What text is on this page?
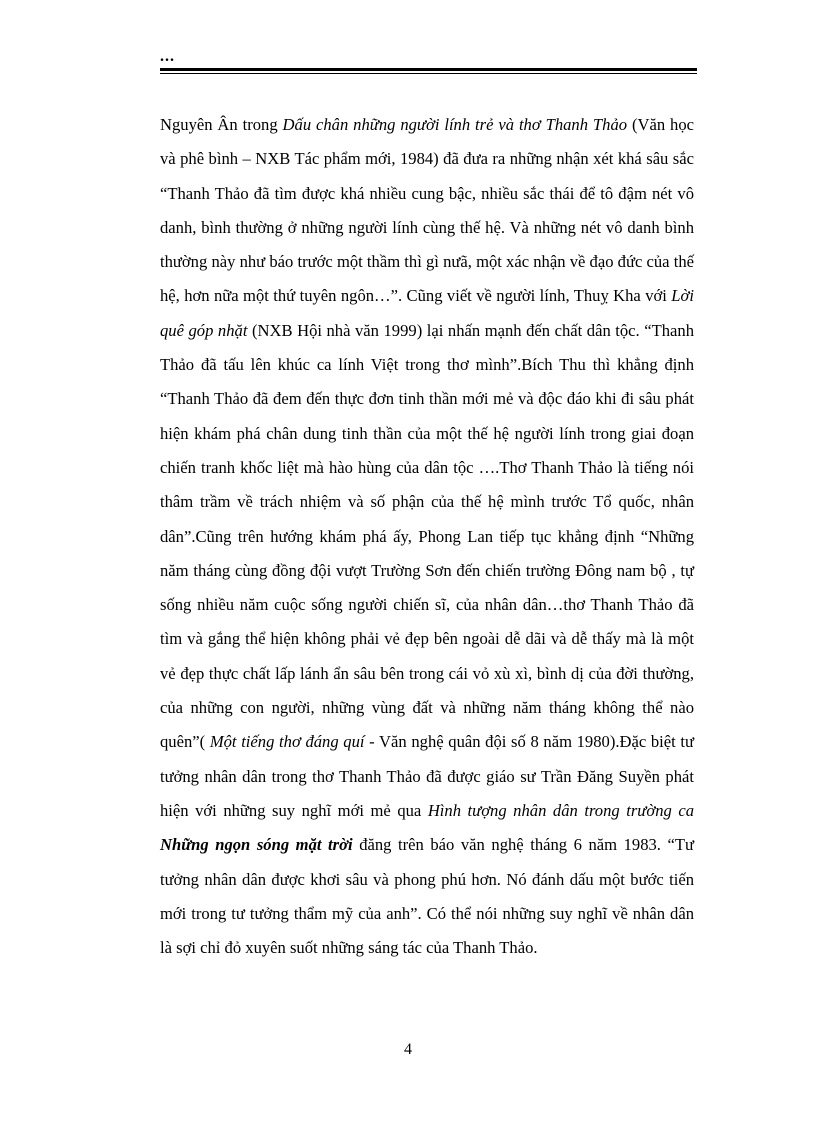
...

Nguyên Ân trong Dấu chân những người lính trẻ và thơ Thanh Thảo (Văn học và phê bình – NXB Tác phẩm mới, 1984) đã đưa ra những nhận xét khá sâu sắc “Thanh Thảo đã tìm được khá nhiều cung bậc, nhiều sắc thái để tô đậm nét vô danh, bình thường ở những người lính cùng thế hệ. Và những nét vô danh bình thường này như báo trước một thầm thì gì nưã, một xác nhận về đạo đức của thế hệ, hơn nữa một thứ tuyên ngôn…”. Cũng viết về người lính, Thuỵ Kha với Lời quê góp nhặt (NXB Hội nhà văn 1999) lại nhấn mạnh đến chất dân tộc. “Thanh Thảo đã tấu lên khúc ca lính Việt trong thơ mình”.Bích Thu thì khẳng định “Thanh Thảo đã đem đến thực đơn tinh thần mới mẻ và độc đáo khi đi sâu phát hiện khám phá chân dung tinh thần của một thế hệ người lính trong giai đoạn chiến tranh khốc liệt mà hào hùng của dân tộc ….Thơ Thanh Thảo là tiếng nói thâm trầm về trách nhiệm và số phận của thế hệ mình trước Tổ quốc, nhân dân”.Cũng trên hướng khám phá ấy, Phong Lan tiếp tục khẳng định “Những năm tháng cùng đồng đội vượt Trường Sơn đến chiến trường Đông nam bộ , tự sống nhiều năm cuộc sống người chiến sĩ, của nhân dân…thơ Thanh Thảo đã tìm và gắng thể hiện không phải vẻ đẹp bên ngoài dễ dãi và dễ thấy mà là một vẻ đẹp thực chất lấp lánh ẩn sâu bên trong cái vỏ xù xì, bình dị của đời thường, của những con người, những vùng đất và những năm tháng không thể nào quên”( Một tiếng thơ đáng quí - Văn nghệ quân đội số 8 năm 1980).Đặc biệt tư tưởng nhân dân trong thơ Thanh Thảo đã được giáo sư Trần Đăng Suyền phát hiện với những suy nghĩ mới mẻ qua Hình tượng nhân dân trong trường ca Những ngọn sóng mặt trời đăng trên báo văn nghệ tháng 6 năm 1983. “Tư tưởng nhân dân được khơi sâu và phong phú hơn. Nó đánh dấu một bước tiến mới trong tư tưởng thẩm mỹ của anh”. Có thể nói những suy nghĩ về nhân dân là sợi chỉ đỏ xuyên suốt những sáng tác của Thanh Thảo.

4
